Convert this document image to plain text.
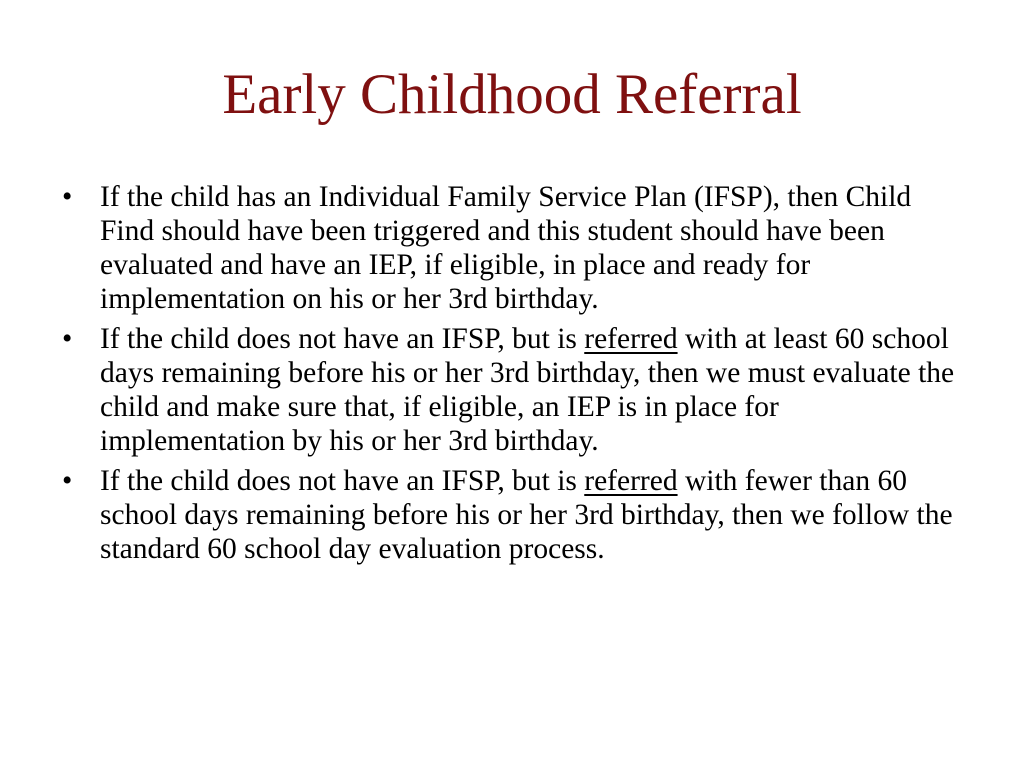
Early Childhood Referral
• If the child has an Individual Family Service Plan (IFSP), then Child Find should have been triggered and this student should have been evaluated and have an IEP, if eligible, in place and ready for implementation on his or her 3rd birthday.
• If the child does not have an IFSP, but is referred with at least 60 school days remaining before his or her 3rd birthday, then we must evaluate the child and make sure that, if eligible, an IEP is in place for implementation by his or her 3rd birthday.
• If the child does not have an IFSP, but is referred with fewer than 60 school days remaining before his or her 3rd birthday, then we follow the standard 60 school day evaluation process.
